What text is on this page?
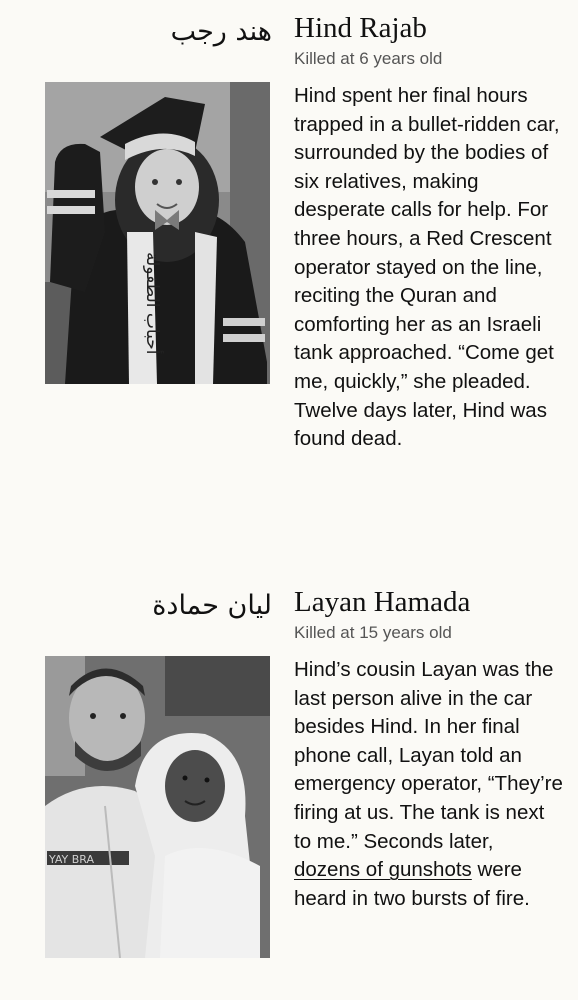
هند رجب Hind Rajab
Killed at 6 years old
أحباب الطفولة

Hind spent her final hours trapped in a bullet-ridden car, surrounded by the bodies of six relatives, making desperate calls for help. For three hours, a Red Crescent operator stayed on the line, reciting the Quran and comforting her as an Israeli tank approached. “Come get me, quickly,” she pleaded. Twelve days later, Hind was found dead.

ليان حمادة Layan Hamada
Killed at 15 years old
YAY BRA

Hind’s cousin Layan was the last person alive in the car besides Hind. In her final phone call, Layan told an emergency operator, “They’re firing at us. The tank is next to me.” Seconds later, dozens of gunshots were heard in two bursts of fire.
